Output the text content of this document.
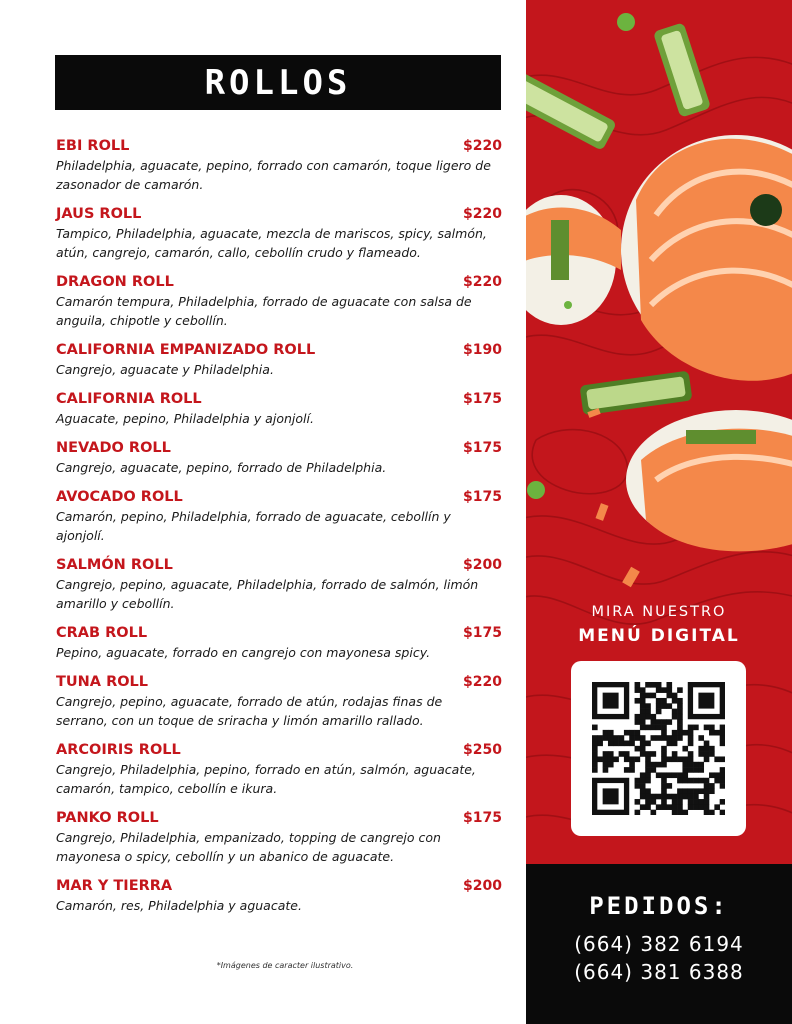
ROLLOS
EBI ROLL	$220
Philadelphia, aguacate, pepino, forrado con camarón, toque ligero de zasonador de camarón.
JAUS ROLL	$220
Tampico, Philadelphia, aguacate, mezcla de mariscos, spicy, salmón, atún, cangrejo, camarón, callo, cebollín crudo y flameado.
DRAGON ROLL	$220
Camarón tempura, Philadelphia, forrado de aguacate con salsa de anguila, chipotle y cebollín.
CALIFORNIA EMPANIZADO ROLL	$190
Cangrejo, aguacate y Philadelphia.
CALIFORNIA ROLL	$175
Aguacate, pepino, Philadelphia y ajonjolí.
NEVADO ROLL	$175
Cangrejo, aguacate, pepino, forrado de Philadelphia.
AVOCADO ROLL	$175
Camarón, pepino, Philadelphia, forrado de aguacate, cebollín y ajonjolí.
SALMÓN ROLL	$200
Cangrejo, pepino, aguacate, Philadelphia, forrado de salmón, limón amarillo y cebollín.
CRAB ROLL	$175
Pepino, aguacate, forrado en cangrejo con mayonesa spicy.
TUNA ROLL	$220
Cangrejo, pepino, aguacate, forrado de atún, rodajas finas de serrano, con un toque de sriracha y limón amarillo rallado.
ARCOIRIS ROLL	$250
Cangrejo, Philadelphia, pepino, forrado en atún, salmón, aguacate, camarón, tampico, cebollín e ikura.
PANKO ROLL	$175
Cangrejo, Philadelphia, empanizado, topping de cangrejo con mayonesa o spicy, cebollín y un abanico de aguacate.
MAR Y TIERRA	$200
Camarón, res, Philadelphia y aguacate.
*Imágenes de caracter ilustrativo.
MIRA NUESTRO
MENÚ DIGITAL
PEDIDOS:
(664) 382 6194
(664) 381 6388
